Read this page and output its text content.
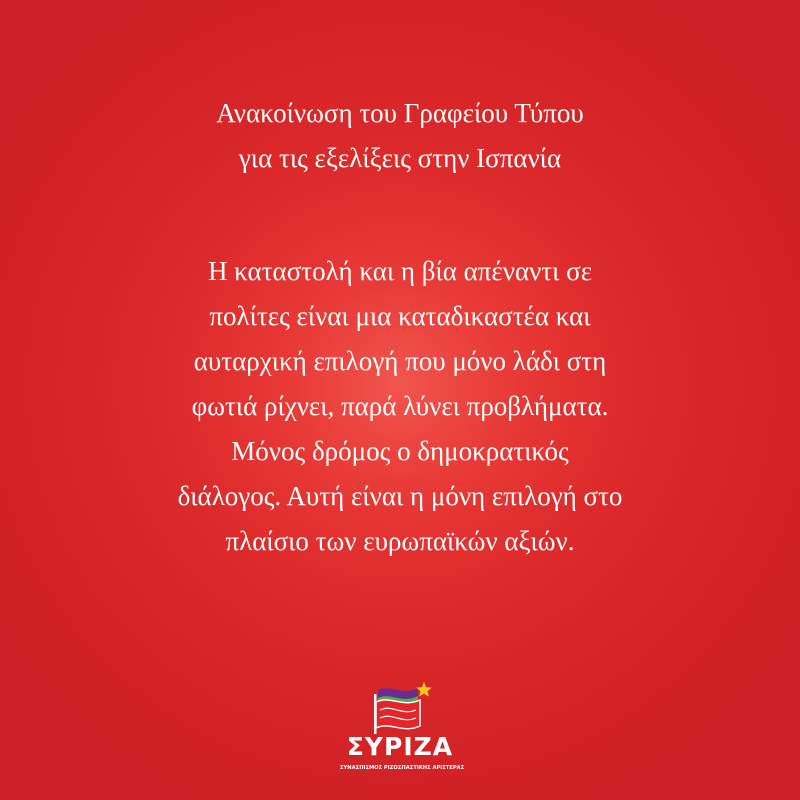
Ανακοίνωση του Γραφείου Τύπου
για τις εξελίξεις στην Ισπανία
Η καταστολή και η βία απέναντι σε
πολίτες είναι μια καταδικαστέα και
αυταρχική επιλογή που μόνο λάδι στη
φωτιά ρίχνει, παρά λύνει προβλήματα.
Μόνος δρόμος ο δημοκρατικός
διάλογος. Αυτή είναι η μόνη επιλογή στο
πλαίσιο των ευρωπαϊκών αξιών.
ΣΥΡΙΖΑ
ΣΥΝΑΣΠΙΣΜΟΣ ΡΙΖΟΣΠΑΣΤΙΚΗΣ ΑΡΙΣΤΕΡΑΣ
